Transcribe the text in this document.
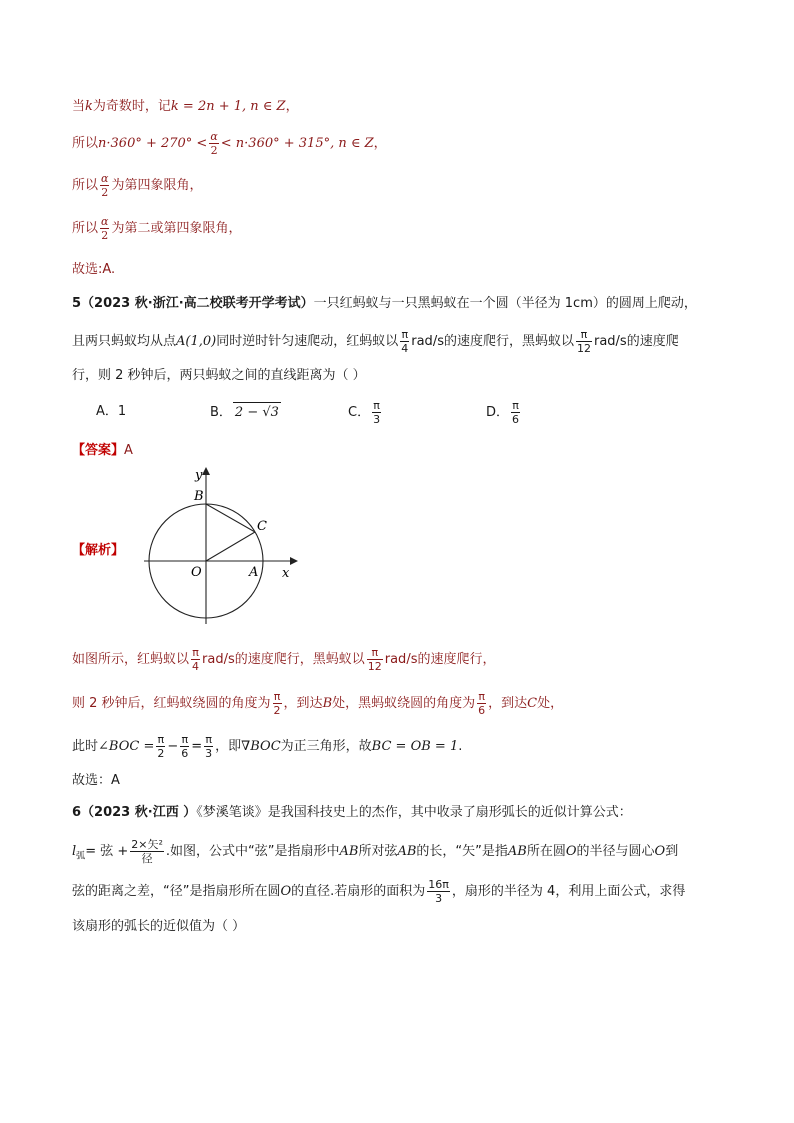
当k为奇数时，记k = 2n + 1, n ∈ Z，
所以$n\cdot 360^\circ + 270^\circ < \frac{\alpha}{2} < n\cdot 360^\circ + 315^\circ$, n ∈ Z，
所以 $\frac{\alpha}{2}$ 为第四象限角，
所以 $\frac{\alpha}{2}$ 为第二或第四象限角，
故选:A.
5（2023 秋·浙江·高二校联考开学考试）一只红蚂蚁与一只黑蚂蚁在一个圆（半径为 1cm）的圆周上爬动，
且两只蚂蚁均从点A(1,0)同时逆时针匀速爬动，红蚂蚁以 $\frac{\pi}{4} rad/s$的速度爬行，黑蚂蚁以 $\frac{\pi}{12} rad/s$的速度爬
行，则 2 秒钟后，两只蚂蚁之间的直线距离为（ ）
A．1	B． 2 − √3	C． $\frac{\pi}{3}$	D． $\frac{\pi}{6}$
【答案】A
【解析】
y
x
B
C
O	A
如图所示，红蚂蚁以 $\frac{\pi}{4} rad/s$的速度爬行，黑蚂蚁以 $\frac{\pi}{12} rad/s$的速度爬行，
则 2 秒钟后，红蚂蚁绕圆的角度为 $\frac{\pi}{2}$ ，到达B处，黑蚂蚁绕圆的角度为 $\frac{\pi}{6}$ ，到达C处，
此时∠BOC = $\frac{\pi}{2} - \frac{\pi}{6} = \frac{\pi}{3}$ ，即∇BOC为正三角形，故BC = OB = 1.
故选：A
6（2023 秋·江西 ）《梦溪笔谈》是我国科技史上的杰作，其中收录了扇形弧长的近似计算公式：
$l_弧=$ 弦 + $\frac{\text{2×矢²}}{\text{径}}$ .如图，公式中“弦”是指扇形中AB所对弦AB的长，“矢”是指AB所在圆O的半径与圆心O到
弦的距离之差，“径”是指扇形所在圆O的直径.若扇形的面积为 $\frac{16\pi}{3}$ ，扇形的半径为 4，利用上面公式，求得
该扇形的弧长的近似值为（ ）
